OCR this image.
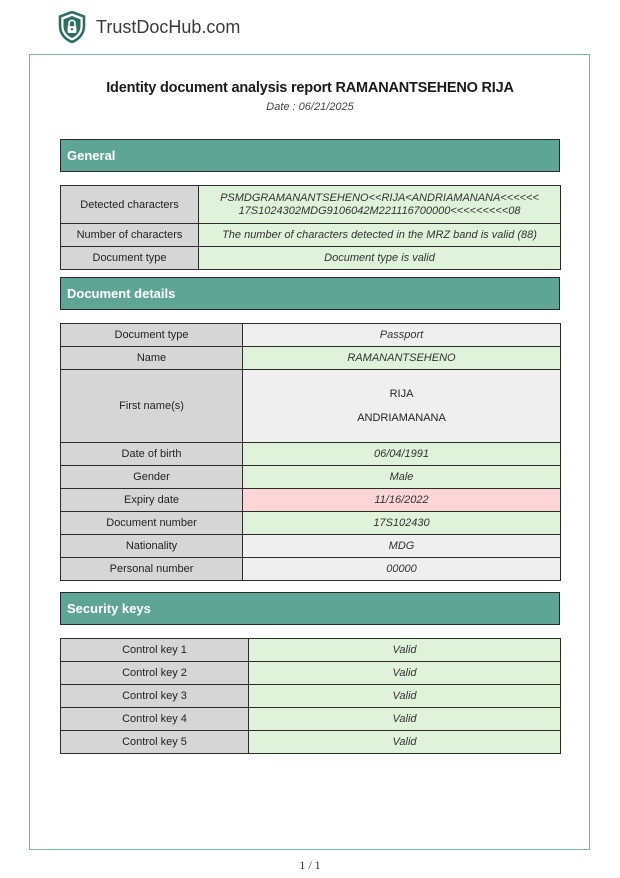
TrustDocHub.com
Identity document analysis report RAMANANTSEHENO RIJA
Date : 06/21/2025
General
Detected characters	PSMDGRAMANANTSEHENO<<RIJA<ANDRIAMANANA<<<<<<
17S1024302MDG9106042M221116700000<<<<<<<<<08

Number of characters	The number of characters detected in the MRZ band is valid (88)
Document type	Document type is valid
Document details
Document type	Passport
Name	RAMANANTSEHENO
First name(s)	RIJA
ANDRIAMANANA

Date of birth	06/04/1991
Gender	Male
Expiry date	11/16/2022
Document number	17S102430
Nationality	MDG
Personal number	00000
Security keys
Control key 1	Valid
Control key 2	Valid
Control key 3	Valid
Control key 4	Valid
Control key 5	Valid
1 / 1
